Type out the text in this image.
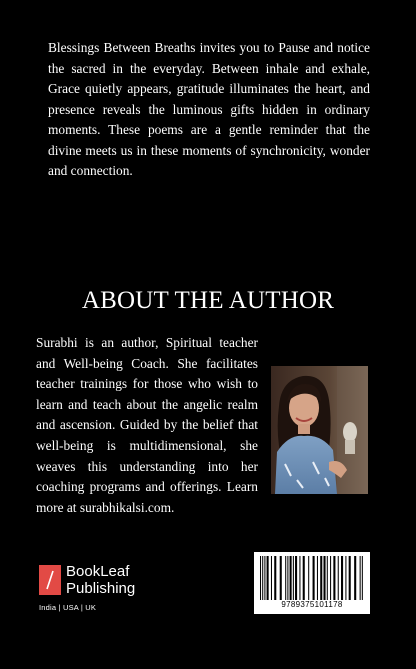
Blessings Between Breaths invites you to Pause and notice the sacred in the everyday. Between inhale and exhale, Grace quietly appears, gratitude illuminates the heart, and presence reveals the luminous gifts hidden in ordinary moments. These poems are a gentle reminder that the divine meets us in these moments of synchronicity, wonder and connection.

ABOUT THE AUTHOR

Surabhi is an author, Spiritual teacher and Well-being Coach. She facilitates teacher trainings for those who wish to learn and teach about the angelic realm and ascension. Guided by the belief that well-being is multidimensional, she weaves this understanding into her coaching programs and offerings. Learn more at surabhikalsi.com.

BookLeaf
Publishing
India | USA | UK	9789375101178
